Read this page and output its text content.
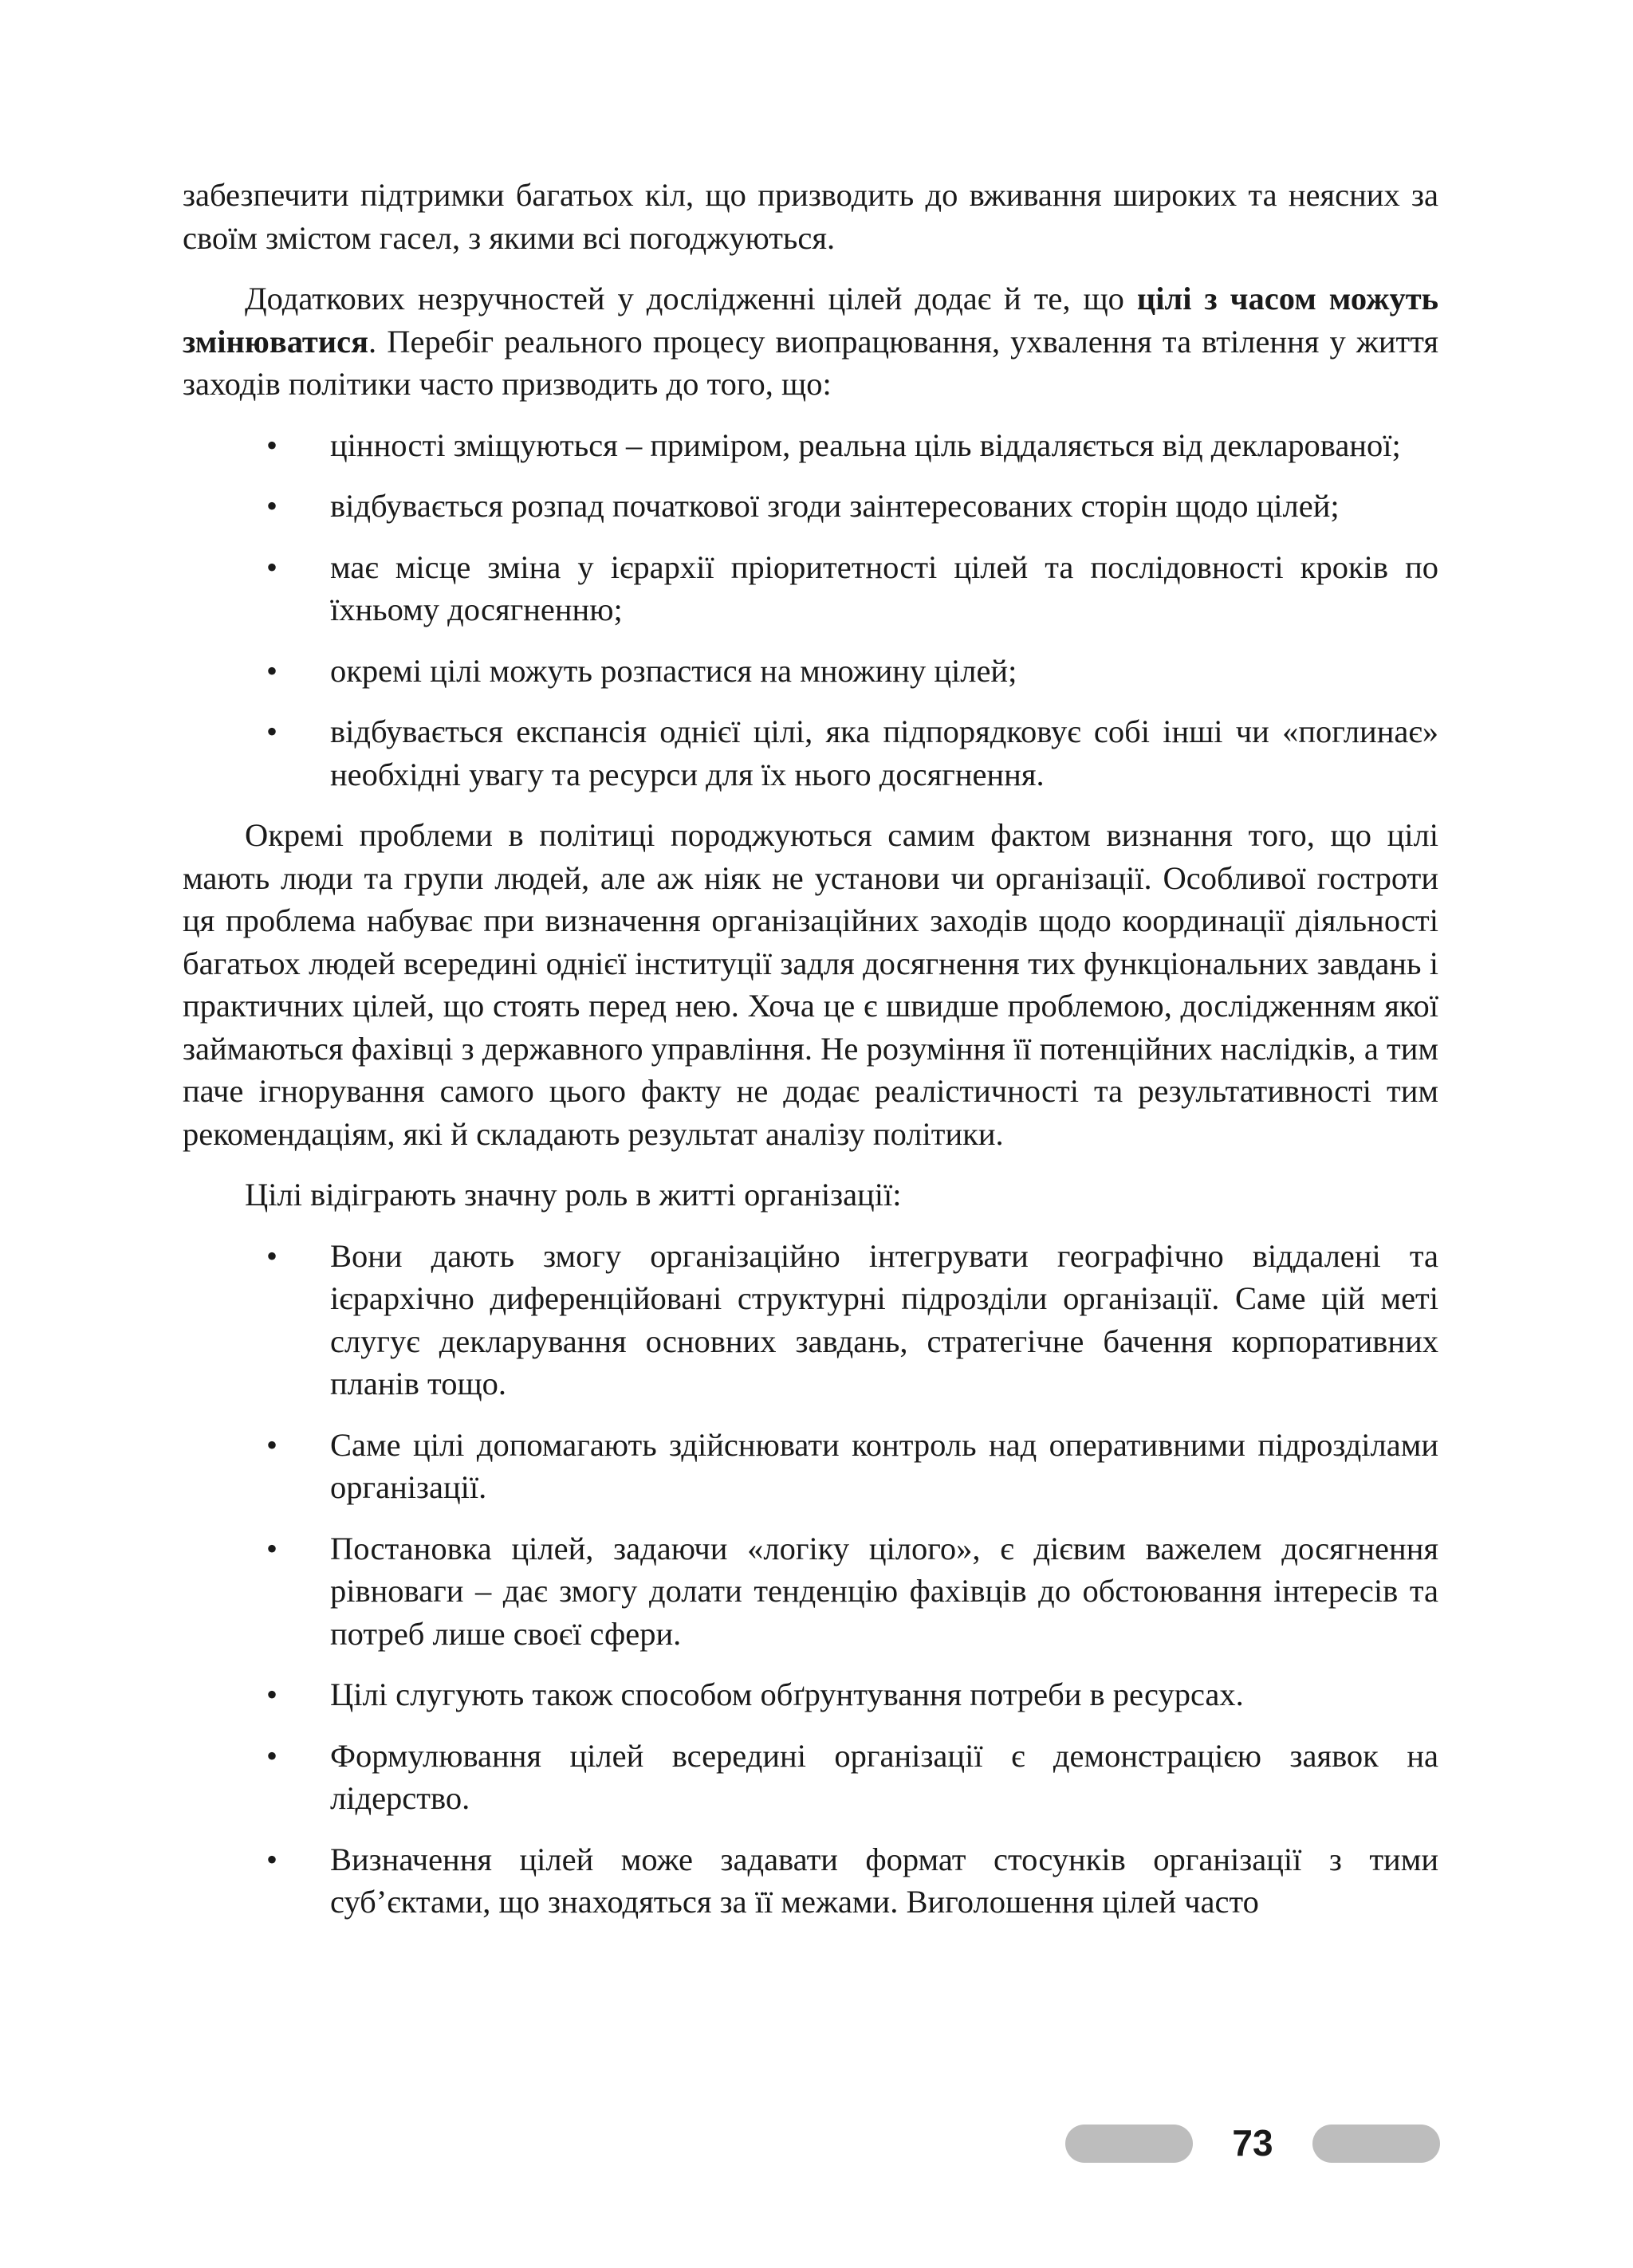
забезпечити підтримки багатьох кіл, що призводить до вживання широких та неясних за своїм змістом гасел, з якими всі погоджуються.

Додаткових незручностей у дослідженні цілей додає й те, що цілі з часом можуть змінюватися. Перебіг реального процесу виопрацювання, ухвалення та втілення у життя заходів політики часто призводить до того, що:

• цінності зміщуються – приміром, реальна ціль віддаляється від декларованої;

• відбувається розпад початкової згоди заінтересованих сторін щодо цілей;

• має місце зміна у ієрархії пріоритетності цілей та послідовності кроків по їхньому досягненню;

• окремі цілі можуть розпастися на множину цілей;

• відбувається експансія однієї цілі, яка підпорядковує собі інші чи «поглинає» необхідні увагу та ресурси для їх нього досягнення.

Окремі проблеми в політиці породжуються самим фактом визнання того, що цілі мають люди та групи людей, але аж ніяк не установи чи організації. Особливої гостроти ця проблема набуває при визначення організаційних заходів щодо координації діяльності багатьох людей всередині однієї інституції задля досягнення тих функціональних завдань і практичних цілей, що стоять перед нею. Хоча це є швидше проблемою, дослідженням якої займаються фахівці з державного управління. Не розуміння її потенційних наслідків, а тим паче ігнорування самого цього факту не додає реалістичності та результативності тим рекомендаціям, які й складають результат аналізу політики.

Цілі відіграють значну роль в житті організації:

• Вони дають змогу організаційно інтегрувати географічно віддалені та ієрархічно диференційовані структурні підрозділи організації. Саме цій меті слугує декларування основних завдань, стратегічне бачення корпоративних планів тощо.

• Саме цілі допомагають здійснювати контроль над оперативними підрозділами організації.

• Постановка цілей, задаючи «логіку цілого», є дієвим важелем досягнення рівноваги – дає змогу долати тенденцію фахівців до обстоювання інтересів та потреб лише своєї сфери.

• Цілі слугують також способом обґрунтування потреби в ресурсах.

• Формулювання цілей всередині організації є демонстрацією заявок на лідерство.

• Визначення цілей може задавати формат стосунків організації з тими суб’єктами, що знаходяться за її межами. Виголошення цілей часто

73
